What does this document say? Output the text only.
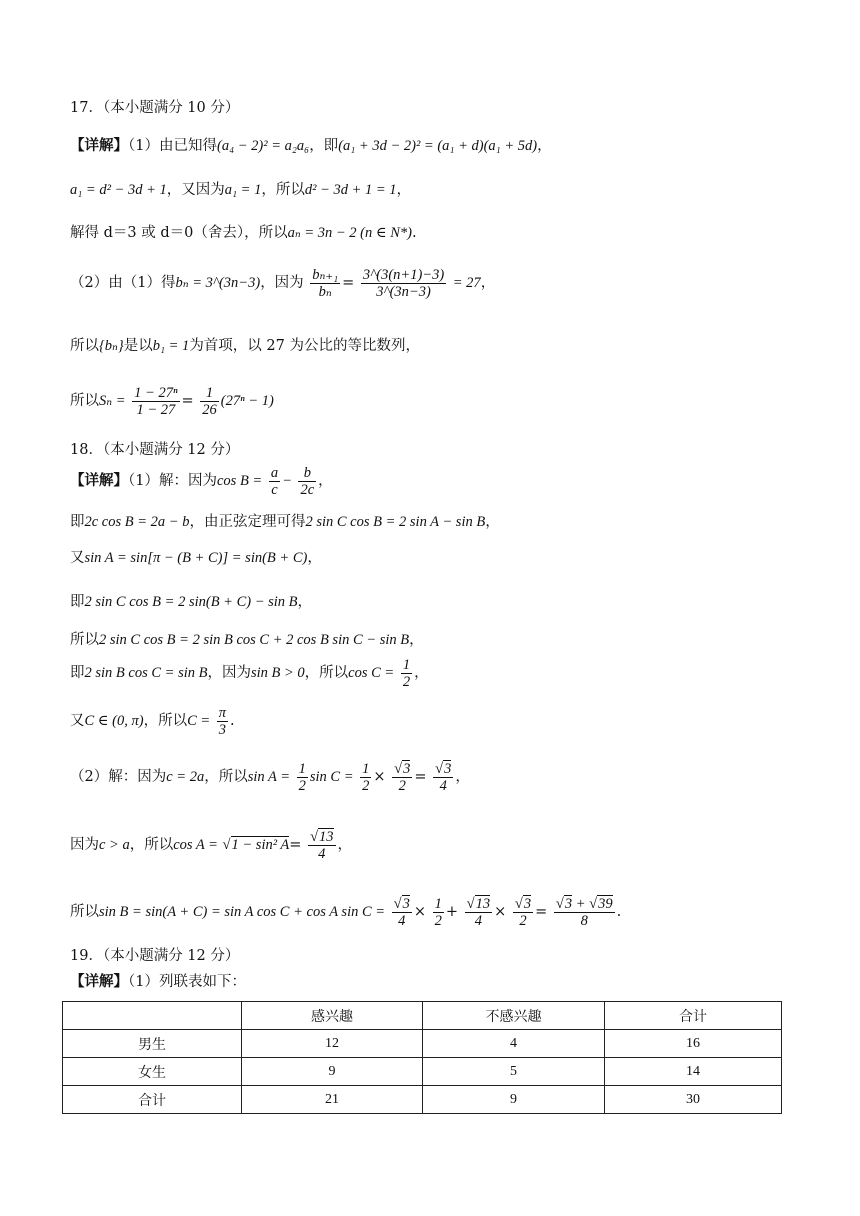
17．（本小题满分 10 分）
【详解】（1）由已知得(a₄ − 2)² = a₂a₆，即(a₁ + 3d − 2)² = (a₁ + d)(a₁ + 5d)，
a₁ = d² − 3d + 1，又因为a₁ = 1，所以d² − 3d + 1 = 1，
解得 d＝3 或 d＝0（舍去），所以aₙ = 3n − 2 (n ∈ N*).
（2）由（1）得bₙ = 3^(3n−3)，因为 $\frac{\text{bₙ₊₁}}{\text{bₙ}} = \frac{3\^{}(3(n+1)-3)}{3\^{}(3n-3)} = 27$，
所以{bₙ}是以b₁ = 1为首项，以 27 为公比的等比数列，
所以$S_n = \frac{\text{1 − 27ⁿ}}{1 - 27} = \frac{1}{26} (27^n - 1)$
18．（本小题满分 12 分）
【详解】（1）解：因为$\cos B = \frac{a}{c} - \frac{b}{2c}$ ，
即2c cos B = 2a − b，由正弦定理可得2 sin C cos B = 2 sin A − sin B，
又sin A = sin[π − (B + C)] = sin(B + C)，
即2 sin C cos B = 2 sin(B + C) − sin B，
所以2 sin C cos B = 2 sin B cos C + 2 cos B sin C − sin B，
即2 sin B cos C = sin B，因为sin B > 0，所以$\cos C = \frac{1}{2}$ ，
又C ∈ (0, π)，所以$C = \frac{\pi}{3}$ .
（2）解：因为c = 2a，所以$\sin A = \frac{1}{2}$ $\sin C = \frac{1}{2} \times \frac{√3}{2} = \frac{√3}{4}$ ，
因为c > a，所以cos A = √1 − sin² $A= \frac{√13}{4}$ ，
所以sin B = sin(A + C) = sin A cos C + cos A $\sin C = \frac{√3}{4} \times \frac{1}{2} + \frac{√13}{4} \times \frac{√3}{2} = \frac{√3 + √39}{8}$ .
19．（本小题满分 12 分）
【详解】（1）列联表如下：
	感兴趣	不感兴趣	合计
男生	12	4	16
女生	9	5	14
合计	21	9	30
